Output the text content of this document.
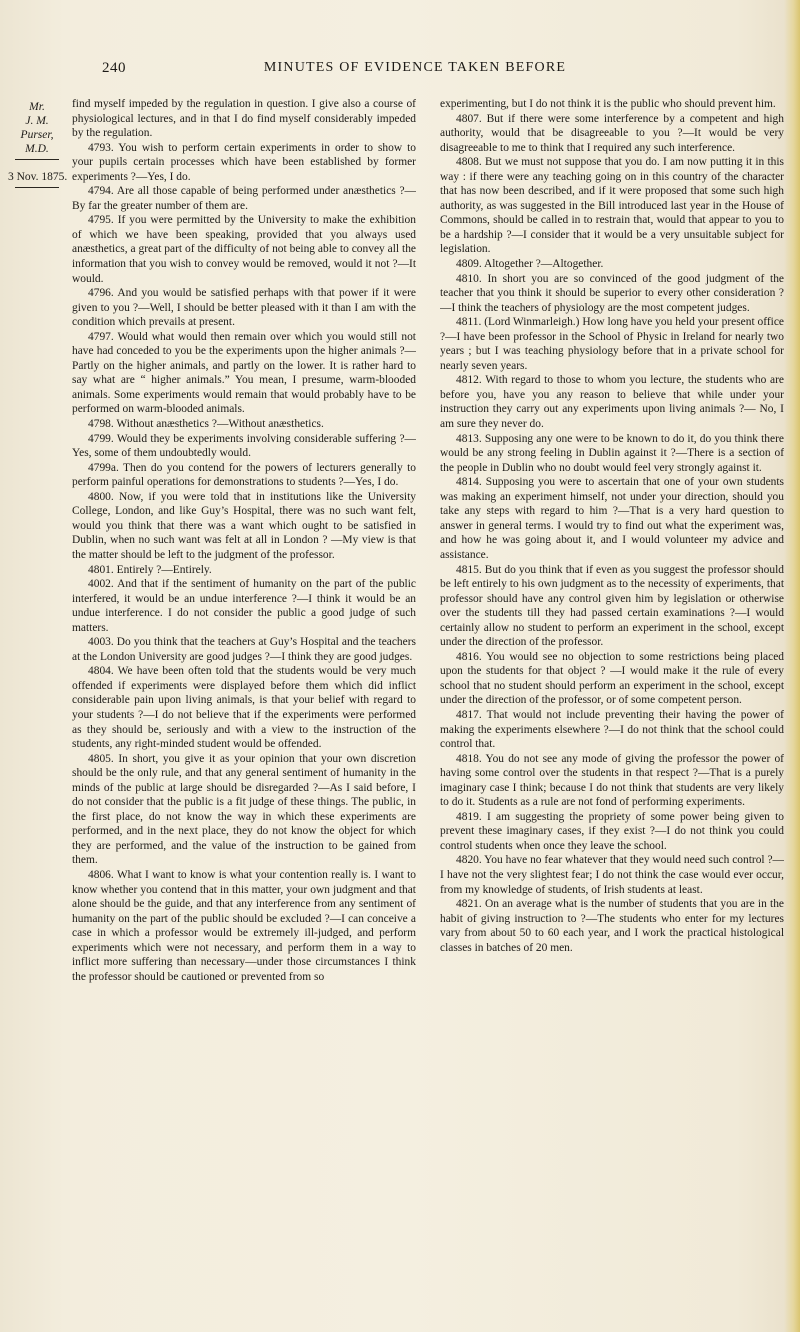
240	MINUTES OF EVIDENCE TAKEN BEFORE
Mr.
J. M. Purser,
M.D.
3 Nov. 1875.

find myself impeded by the regulation in question. I give also a course of physiological lectures, and in that I do find myself considerably impeded by the regulation.

4793. You wish to perform certain experiments in order to show to your pupils certain processes which have been established by former experiments ?—Yes, I do.

4794. Are all those capable of being performed under anæsthetics ?—By far the greater number of them are.

4795. If you were permitted by the University to make the exhibition of which we have been speaking, provided that you always used anæsthetics, a great part of the difficulty of not being able to convey all the information that you wish to convey would be removed, would it not ?—It would.

4796. And you would be satisfied perhaps with that power if it were given to you ?—Well, I should be better pleased with it than I am with the condition which prevails at present.

4797. Would what would then remain over which you would still not have had conceded to you be the experiments upon the higher animals ?—Partly on the higher animals, and partly on the lower. It is rather hard to say what are “ higher animals.” You mean, I presume, warm-blooded animals. Some experiments would remain that would probably have to be performed on warm-blooded animals.

4798. Without anæsthetics ?—Without anæsthetics.

4799. Would they be experiments involving considerable suffering ?—Yes, some of them undoubtedly would.

4799a. Then do you contend for the powers of lecturers generally to perform painful operations for demonstrations to students ?—Yes, I do.

4800. Now, if you were told that in institutions like the University College, London, and like Guy’s Hospital, there was no such want felt, would you think that there was a want which ought to be satisfied in Dublin, when no such want was felt at all in London ? —My view is that the matter should be left to the judgment of the professor.

4801. Entirely ?—Entirely.

4002. And that if the sentiment of humanity on the part of the public interfered, it would be an undue interference ?—I think it would be an undue interference. I do not consider the public a good judge of such matters.

4003. Do you think that the teachers at Guy’s Hospital and the teachers at the London University are good judges ?—I think they are good judges.

4804. We have been often told that the students would be very much offended if experiments were displayed before them which did inflict considerable pain upon living animals, is that your belief with regard to your students ?—I do not believe that if the experiments were performed as they should be, seriously and with a view to the instruction of the students, any right-minded student would be offended.

4805. In short, you give it as your opinion that your own discretion should be the only rule, and that any general sentiment of humanity in the minds of the public at large should be disregarded ?—As I said before, I do not consider that the public is a fit judge of these things. The public, in the first place, do not know the way in which these experiments are performed, and in the next place, they do not know the object for which they are performed, and the value of the instruction to be gained from them.

4806. What I want to know is what your contention really is. I want to know whether you contend that in this matter, your own judgment and that alone should be the guide, and that any interference from any sentiment of humanity on the part of the public should be excluded ?—I can conceive a case in which a professor would be extremely ill-judged, and perform experiments which were not necessary, and perform them in a way to inflict more suffering than necessary—under those circumstances I think the professor should be cautioned or prevented from so

experimenting, but I do not think it is the public who should prevent him.

4807. But if there were some interference by a competent and high authority, would that be disagreeable to you ?—It would be very disagreeable to me to think that I required any such interference.

4808. But we must not suppose that you do. I am now putting it in this way : if there were any teaching going on in this country of the character that has now been described, and if it were proposed that some such high authority, as was suggested in the Bill introduced last year in the House of Commons, should be called in to restrain that, would that appear to you to be a hardship ?—I consider that it would be a very unsuitable subject for legislation.

4809. Altogether ?—Altogether.

4810. In short you are so convinced of the good judgment of the teacher that you think it should be superior to every other consideration ?—I think the teachers of physiology are the most competent judges.

4811. (Lord Winmarleigh.) How long have you held your present office ?—I have been professor in the School of Physic in Ireland for nearly two years ; but I was teaching physiology before that in a private school for nearly seven years.

4812. With regard to those to whom you lecture, the students who are before you, have you any reason to believe that while under your instruction they carry out any experiments upon living animals ?— No, I am sure they never do.

4813. Supposing any one were to be known to do it, do you think there would be any strong feeling in Dublin against it ?—There is a section of the people in Dublin who no doubt would feel very strongly against it.

4814. Supposing you were to ascertain that one of your own students was making an experiment himself, not under your direction, should you take any steps with regard to him ?—That is a very hard question to answer in general terms. I would try to find out what the experiment was, and how he was going about it, and I would volunteer my advice and assistance.

4815. But do you think that if even as you suggest the professor should be left entirely to his own judgment as to the necessity of experiments, that professor should have any control given him by legislation or otherwise over the students till they had passed certain examinations ?—I would certainly allow no student to perform an experiment in the school, except under the direction of the professor.

4816. You would see no objection to some restrictions being placed upon the students for that object ? —I would make it the rule of every school that no student should perform an experiment in the school, except under the direction of the professor, or of some competent person.

4817. That would not include preventing their having the power of making the experiments elsewhere ?—I do not think that the school could control that.

4818. You do not see any mode of giving the professor the power of having some control over the students in that respect ?—That is a purely imaginary case I think; because I do not think that students are very likely to do it. Students as a rule are not fond of performing experiments.

4819. I am suggesting the propriety of some power being given to prevent these imaginary cases, if they exist ?—I do not think you could control students when once they leave the school.

4820. You have no fear whatever that they would need such control ?—I have not the very slightest fear; I do not think the case would ever occur, from my knowledge of students, of Irish students at least.

4821. On an average what is the number of students that you are in the habit of giving instruction to ?—The students who enter for my lectures vary from about 50 to 60 each year, and I work the practical histological classes in batches of 20 men.
